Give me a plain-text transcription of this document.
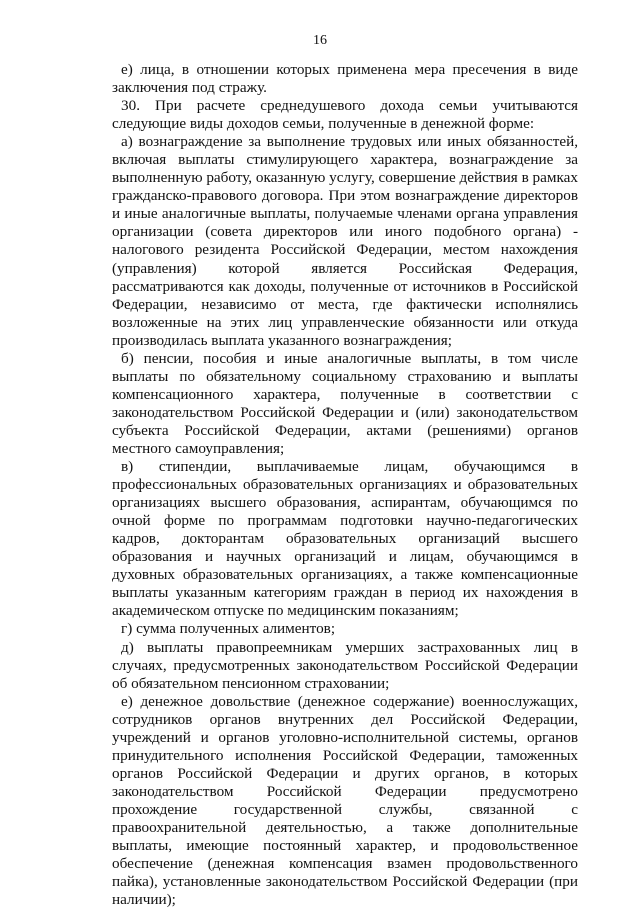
16

е) лица, в отношении которых применена мера пресечения в виде заключения под стражу.

30. При расчете среднедушевого дохода семьи учитываются следующие виды доходов семьи, полученные в денежной форме:

а) вознаграждение за выполнение трудовых или иных обязанностей, включая выплаты стимулирующего характера, вознаграждение за выполненную работу, оказанную услугу, совершение действия в рамках гражданско-правового договора. При этом вознаграждение директоров и иные аналогичные выплаты, получаемые членами органа управления организации (совета директоров или иного подобного органа) - налогового резидента Российской Федерации, местом нахождения (управления) которой является Российская Федерация, рассматриваются как доходы, полученные от источников в Российской Федерации, независимо от места, где фактически исполнялись возложенные на этих лиц управленческие обязанности или откуда производилась выплата указанного вознаграждения;

б) пенсии, пособия и иные аналогичные выплаты, в том числе выплаты по обязательному социальному страхованию и выплаты компенсационного характера, полученные в соответствии с законодательством Российской Федерации и (или) законодательством субъекта Российской Федерации, актами (решениями) органов местного самоуправления;

в) стипендии, выплачиваемые лицам, обучающимся в профессиональных образовательных организациях и образовательных организациях высшего образования, аспирантам, обучающимся по очной форме по программам подготовки научно-педагогических кадров, докторантам образовательных организаций высшего образования и научных организаций и лицам, обучающимся в духовных образовательных организациях, а также компенсационные выплаты указанным категориям граждан в период их нахождения в академическом отпуске по медицинским показаниям;

г) сумма полученных алиментов;

д) выплаты правопреемникам умерших застрахованных лиц в случаях, предусмотренных законодательством Российской Федерации об обязательном пенсионном страховании;

е) денежное довольствие (денежное содержание) военнослужащих, сотрудников органов внутренних дел Российской Федерации, учреждений и органов уголовно-исполнительной системы, органов принудительного исполнения Российской Федерации, таможенных органов Российской Федерации и других органов, в которых законодательством Российской Федерации предусмотрено прохождение государственной службы, связанной с правоохранительной деятельностью, а также дополнительные выплаты, имеющие постоянный характер, и продовольственное обеспечение (денежная компенсация взамен продовольственного пайка), установленные законодательством Российской Федерации (при наличии);
